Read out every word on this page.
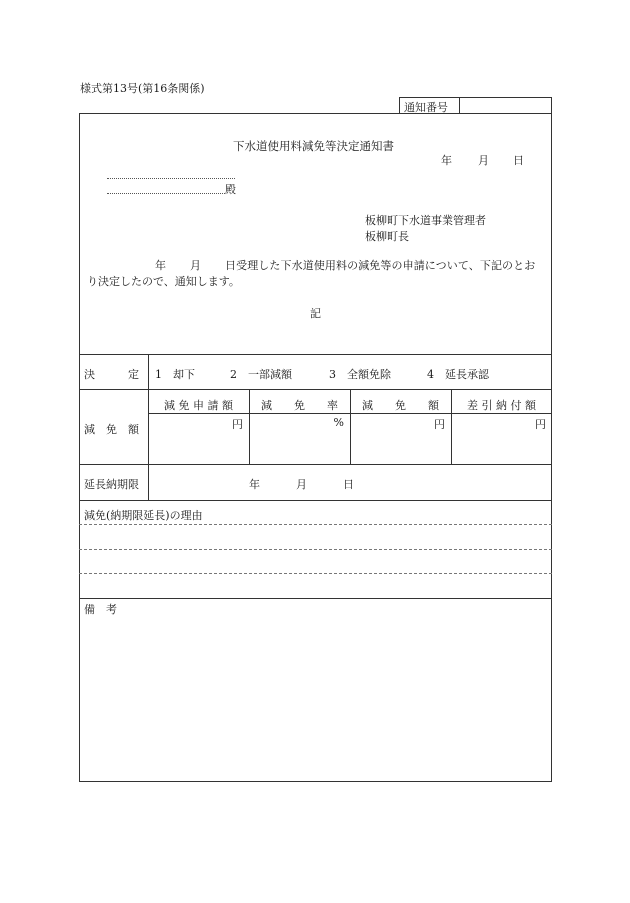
様式第13号(第16条関係)
通知番号
下水道使用料減免等決定通知書
年 月 日
殿
板柳町下水道事業管理者
板柳町長
年 月 日受理した下水道使用料の減免等の申請について、下記のとお
り決定したので、通知します。
記
決　　　定 1　却下	2　一部減額	3　全額免除	4　延長承認
減　免　額
減 免 申 請 額	減　　免　　率	減　　免　　額	差 引 納 付 額
円	%	円	円
延長納期限	年	月	日
減免(納期限延長)の理由
備　考
